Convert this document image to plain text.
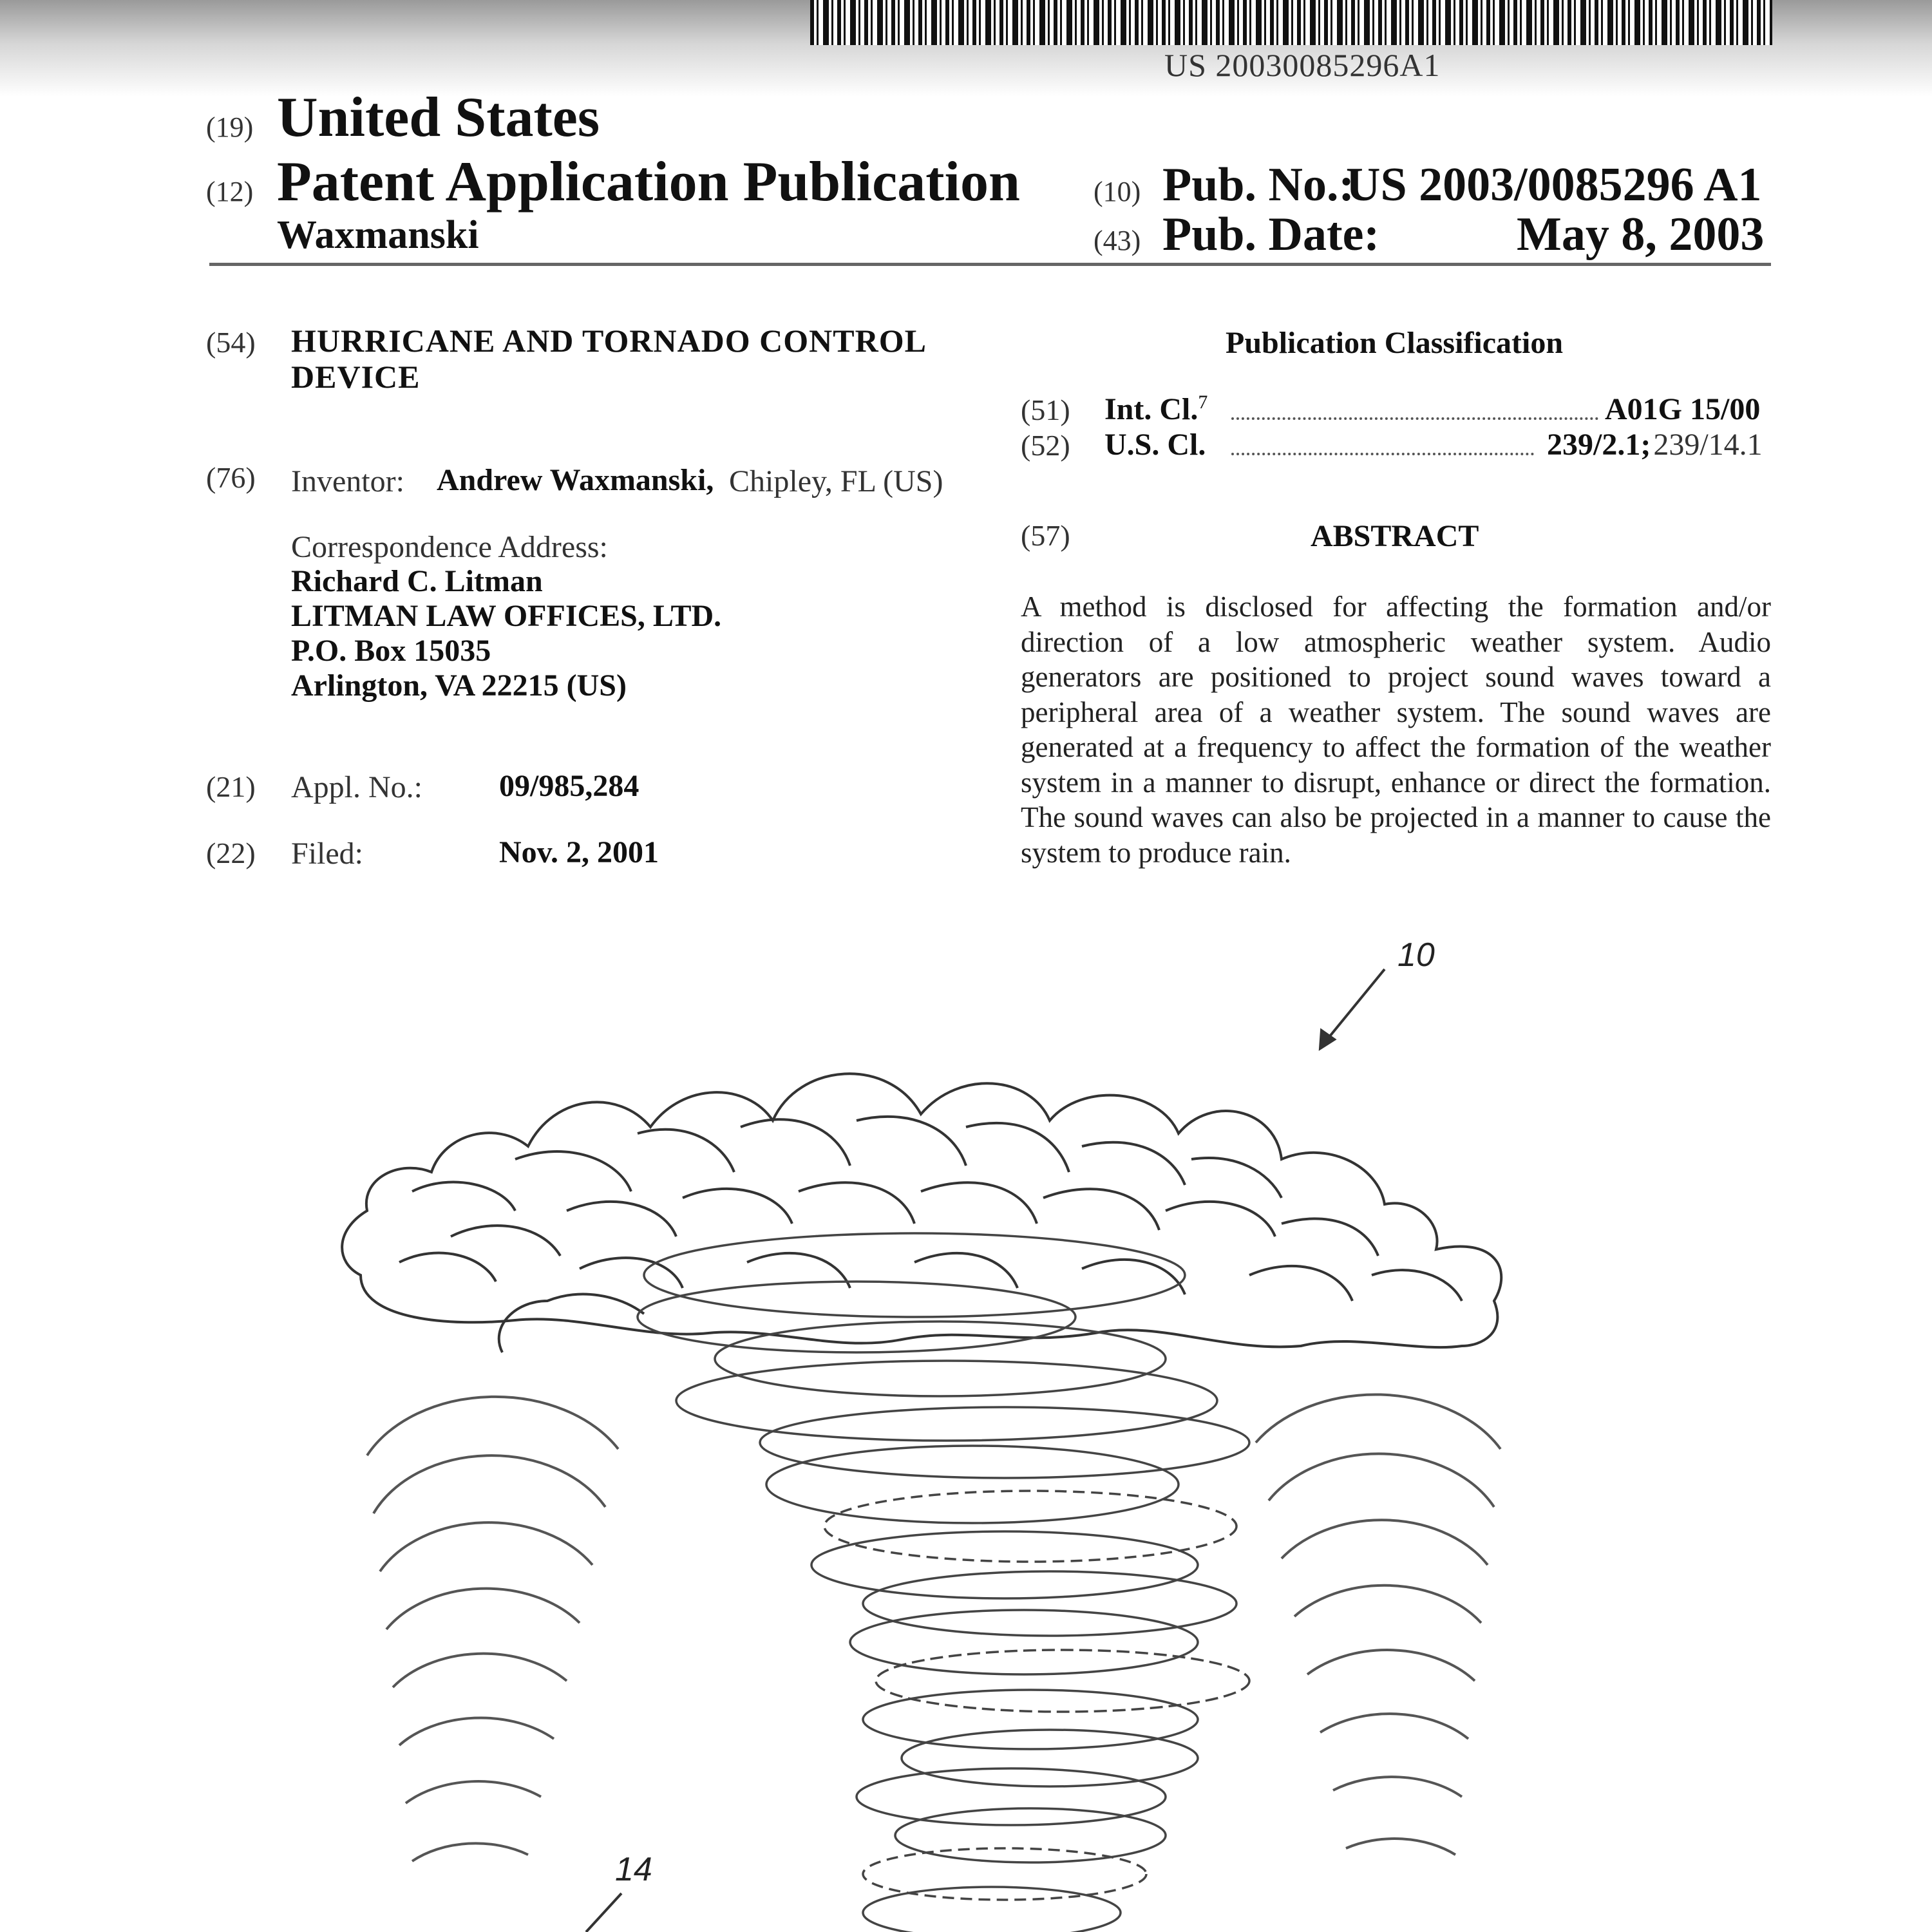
US 20030085296A1
(19) United States
(12) Patent Application Publication
Waxmanski
(10) Pub. No.:
US 2003/0085296 A1
(43) Pub. Date:	May 8, 2003
(54) HURRICANE AND TORNADO CONTROL
DEVICE
(76) Inventor: Andrew Waxmanski, Chipley, FL (US)
Correspondence Address:
Richard C. Litman
LITMAN LAW OFFICES, LTD.
P.O. Box 15035
Arlington, VA 22215 (US)
(21) Appl. No.: 09/985,284
(22) Filed:	Nov. 2, 2001
Publication Classification
(51) Int. Cl.$^7$	A01G 15/00
(52) U.S. Cl.	239/2.1; 239/14.1
(57)	ABSTRACT
A method is disclosed for affecting the formation and/or direction of a low atmospheric weather system. Audio generators are positioned to project sound waves toward a peripheral area of a weather system. The sound waves are generated at a frequency to affect the formation of the weather system in a manner to disrupt, enhance or direct the formation. The sound waves can also be projected in a manner to cause the system to produce rain.
10
14
